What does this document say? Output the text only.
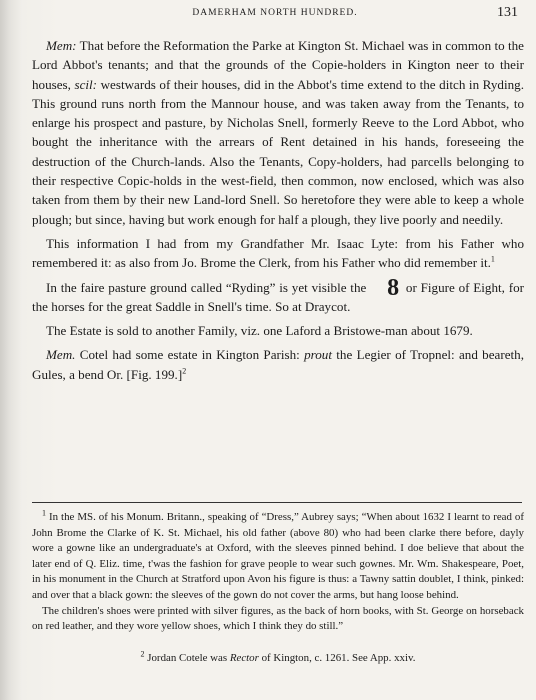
DAMERHAM NORTH HUNDRED.	131

Mem: That before the Reformation the Parke at Kington St. Michael was in common to the Lord Abbot's tenants; and that the grounds of the Copie-holders in Kington neer to their houses, scil: westwards of their houses, did in the Abbot's time extend to the ditch in Ryding. This ground runs north from the Mannour house, and was taken away from the Tenants, to enlarge his prospect and pasture, by Nicholas Snell, formerly Reeve to the Lord Abbot, who bought the inheritance with the arrears of Rent detained in his hands, foreseeing the destruction of the Church-lands. Also the Tenants, Copy-holders, had parcells belonging to their respective Copic-holds in the west-field, then common, now enclosed, which was also taken from them by their new Land-lord Snell. So heretofore they were able to keep a whole plough; but since, having but work enough for half a plough, they live poorly and needily.

This information I had from my Grandfather Mr. Isaac Lyte: from his Father who remembered it: as also from Jo. Brome the Clerk, from his Father who did remember it.$^1$

In the faire pasture ground called “Ryding” is yet visible the 8 or Figure of Eight, for the horses for the great Saddle in Snell's time. So at Draycot.

The Estate is sold to another Family, viz. one Laford a Bristowe-man about 1679.

Mem. Cotel had some estate in Kington Parish: prout the Legier of Tropnel: and beareth, Gules, a bend Or. [Fig. 199.]$^2$

$^1$ In the MS. of his Monum. Britann., speaking of “Dress,” Aubrey says; “When about 1632 I learnt to read of John Brome the Clarke of K. St. Michael, his old father (above 80) who had been clarke there before, dayly wore a gowne like an undergraduate's at Oxford, with the sleeves pinned behind. I doe believe that about the later end of Q. Eliz. time, t'was the fashion for grave people to wear such gownes. Mr. Wm. Shakespeare, Poet, in his monument in the Church at Stratford upon Avon his figure is thus: a Tawny sattin doublet, I think, pinked: and over that a black gown: the sleeves of the gown do not cover the arms, but hang loose behind.

The children's shoes were printed with silver figures, as the back of horn books, with St. George on horseback on red leather, and they wore yellow shoes, which I think they do still.”

$^2$ Jordan Cotele was Rector of Kington, c. 1261. See App. xxiv.
